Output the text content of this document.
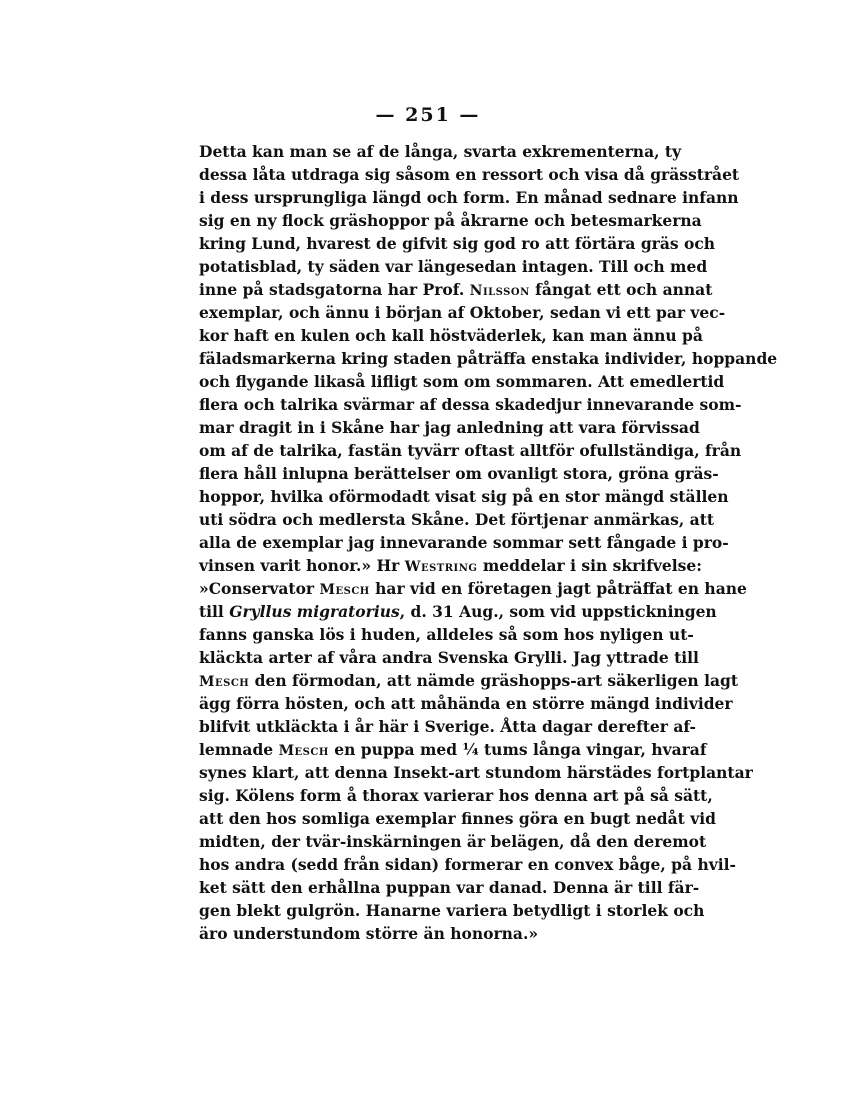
— 251 —
Detta kan man se af de långa, svarta exkrementerna, ty
dessa låta utdraga sig såsom en ressort och visa då grässtrået
i dess ursprungliga längd och form. En månad sednare infann
sig en ny flock gräshoppor på åkrarne och betesmarkerna
kring Lund, hvarest de gifvit sig god ro att förtära gräs och
potatisblad, ty säden var längesedan intagen. Till och med
inne på stadsgatorna har Prof. Nilsson fångat ett och annat
exemplar, och ännu i början af Oktober, sedan vi ett par vec-
kor haft en kulen och kall höstväderlek, kan man ännu på
fäladsmarkerna kring staden påträffa enstaka individer, hoppande
och flygande likaså lifligt som om sommaren. Att emedlertid
flera och talrika svärmar af dessa skadedjur innevarande som-
mar dragit in i Skåne har jag anledning att vara förvissad
om af de talrika, fastän tyvärr oftast alltför ofullständiga, från
flera håll inlupna berättelser om ovanligt stora, gröna gräs-
hoppor, hvilka oförmodadt visat sig på en stor mängd ställen
uti södra och medlersta Skåne. Det förtjenar anmärkas, att
alla de exemplar jag innevarande sommar sett fångade i pro-
vinsen varit honor.» Hr Westring meddelar i sin skrifvelse:
»Conservator Mesch har vid en företagen jagt påträffat en hane
till Gryllus migratorius, d. 31 Aug., som vid uppstickningen
fanns ganska lös i huden, alldeles så som hos nyligen ut-
kläckta arter af våra andra Svenska Grylli. Jag yttrade till
Mesch den förmodan, att nämde gräshopps-art säkerligen lagt
ägg förra hösten, och att måhända en större mängd individer
blifvit utkläckta i år här i Sverige. Åtta dagar derefter af-
lemnade Mesch en puppa med ¼ tums långa vingar, hvaraf
synes klart, att denna Insekt-art stundom härstädes fortplantar
sig. Kölens form å thorax varierar hos denna art på så sätt,
att den hos somliga exemplar finnes göra en bugt nedåt vid
midten, der tvär-inskärningen är belägen, då den deremot
hos andra (sedd från sidan) formerar en convex båge, på hvil-
ket sätt den erhållna puppan var danad. Denna är till fär-
gen blekt gulgrön. Hanarne variera betydligt i storlek och
äro understundom större än honorna.»
